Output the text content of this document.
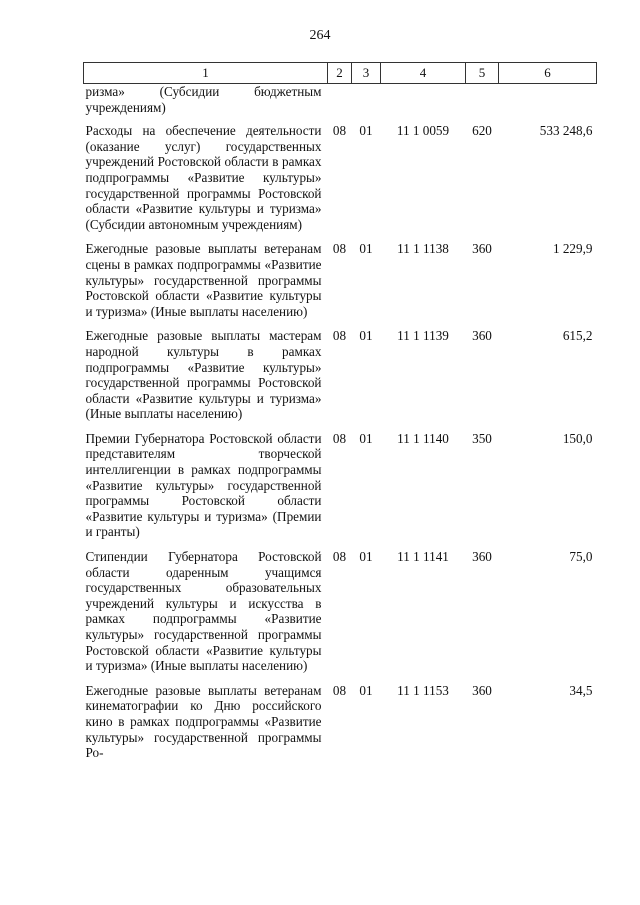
264
1	2	3	4	5	6
ризма» (Субсидии бюджетным учреждениям)					
Расходы на обеспечение деятельности (оказание услуг) государственных учреждений Ростовской области в рамках подпрограммы «Развитие культуры» государственной программы Ростовской области «Развитие культуры и туризма» (Субсидии автономным учреждениям)	08	01	11 1 0059	620	533 248,6
Ежегодные разовые выплаты ветеранам сцены в рамках подпрограммы «Развитие культуры» государственной программы Ростовской области «Развитие культуры и туризма» (Иные выплаты населению)	08	01	11 1 1138	360	1 229,9
Ежегодные разовые выплаты мастерам народной культуры в рамках подпрограммы «Развитие культуры» государственной программы Ростовской области «Развитие культуры и туризма» (Иные выплаты населению)	08	01	11 1 1139	360	615,2
Премии Губернатора Ростовской области представителям творческой интеллигенции в рамках подпрограммы «Развитие культуры» государственной программы Ростовской области «Развитие культуры и туризма» (Премии и гранты)	08	01	11 1 1140	350	150,0
Стипендии Губернатора Ростовской области одаренным учащимся государственных образовательных учреждений культуры и искусства в рамках подпрограммы «Развитие культуры» государственной программы Ростовской области «Развитие культуры и туризма» (Иные выплаты населению)	08	01	11 1 1141	360	75,0
Ежегодные разовые выплаты ветеранам кинематографии ко Дню российского кино в рамках подпрограммы «Развитие культуры» государственной программы Ро-	08	01	11 1 1153	360	34,5
